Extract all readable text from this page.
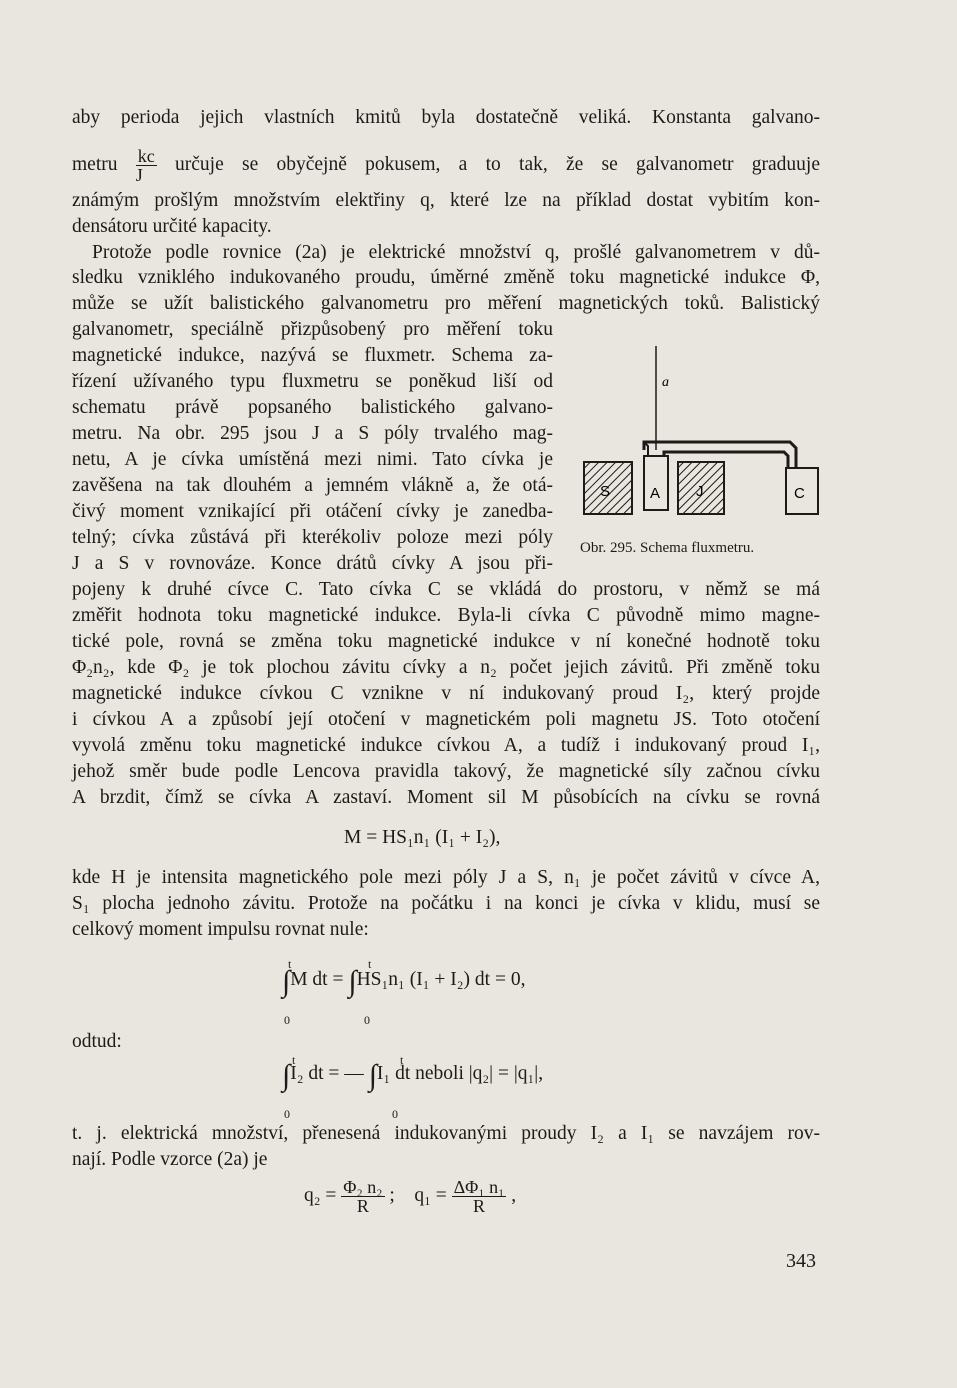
aby perioda jejich vlastních kmitů byla dostatečně veliká. Konstanta galvano-
metru $\frac{kc}{J}$ určuje se obyčejně pokusem, a to tak, že se galvanometr graduuje
známým prošlým množstvím elektřiny q, které lze na příklad dostat vybitím kon-
densátoru určité kapacity.
Protože podle rovnice (2a) je elektrické množství q, prošlé galvanometrem v dů-
sledku vzniklého indukovaného proudu, úměrné změně toku magnetické indukce Φ,
může se užít balistického galvanometru pro měření magnetických toků. Balistický
galvanometr, speciálně přizpůsobený pro měření toku
magnetické indukce, nazývá se fluxmetr. Schema za-
řízení užívaného typu fluxmetru se poněkud liší od
schematu právě popsaného balistického galvano-
metru. Na obr. 295 jsou J a S póly trvalého mag-
netu, A je cívka umístěná mezi nimi. Tato cívka je
zavěšena na tak dlouhém a jemném vlákně a, že otá-
čivý moment vznikající při otáčení cívky je zanedba-
telný; cívka zůstává při kterékoliv poloze mezi póly
J a S v rovnováze. Konce drátů cívky A jsou při-
pojeny k druhé cívce C. Tato cívka C se vkládá do prostoru, v němž se má
změřit hodnota toku magnetické indukce. Byla-li cívka C původně mimo magne-
tické pole, rovná se změna toku magnetické indukce v ní konečné hodnotě toku
Φ₂n₂, kde Φ₂ je tok plochou závitu cívky a n₂ počet jejich závitů. Při změně toku
magnetické indukce cívkou C vznikne v ní indukovaný proud I₂, který projde
i cívkou A a způsobí její otočení v magnetickém poli magnetu JS. Toto otočení
vyvolá změnu toku magnetické indukce cívkou A, a tudíž i indukovaný proud I₁,
jehož směr bude podle Lencova pravidla takový, že magnetické síly začnou cívku
A brzdit, čímž se cívka A zastaví. Moment sil M působících na cívku se rovná
M = HS₁n₁ (I₁ + I₂),
kde H je intensita magnetického pole mezi póly J a S, n₁ je počet závitů v cívce A,
S₁ plocha jednoho závitu. Protože na počátku i na konci je cívka v klidu, musí se
celkový moment impulsu rovnat nule:
t
0
∫M dt =
t
0
∫HS₁n₁ (I₁ + I₂) dt = 0,
odtud:
t
0
∫I₂ dt = —
t
0
∫I₁ dt neboli |q₂| = |q₁|,
t. j. elektrická množství, přenesená indukovanými proudy I₂ a I₁ se navzájem rov-
nají. Podle vzorce (2a) je
$q_2 = \frac{\text{Φ₂ n₂}}{R}$ ; $q_1 = \frac{\text{ΔΦ₁ n₁}}{R}$ ,
a
S	A J	C
Obr. 295. Schema fluxmetru.
343
